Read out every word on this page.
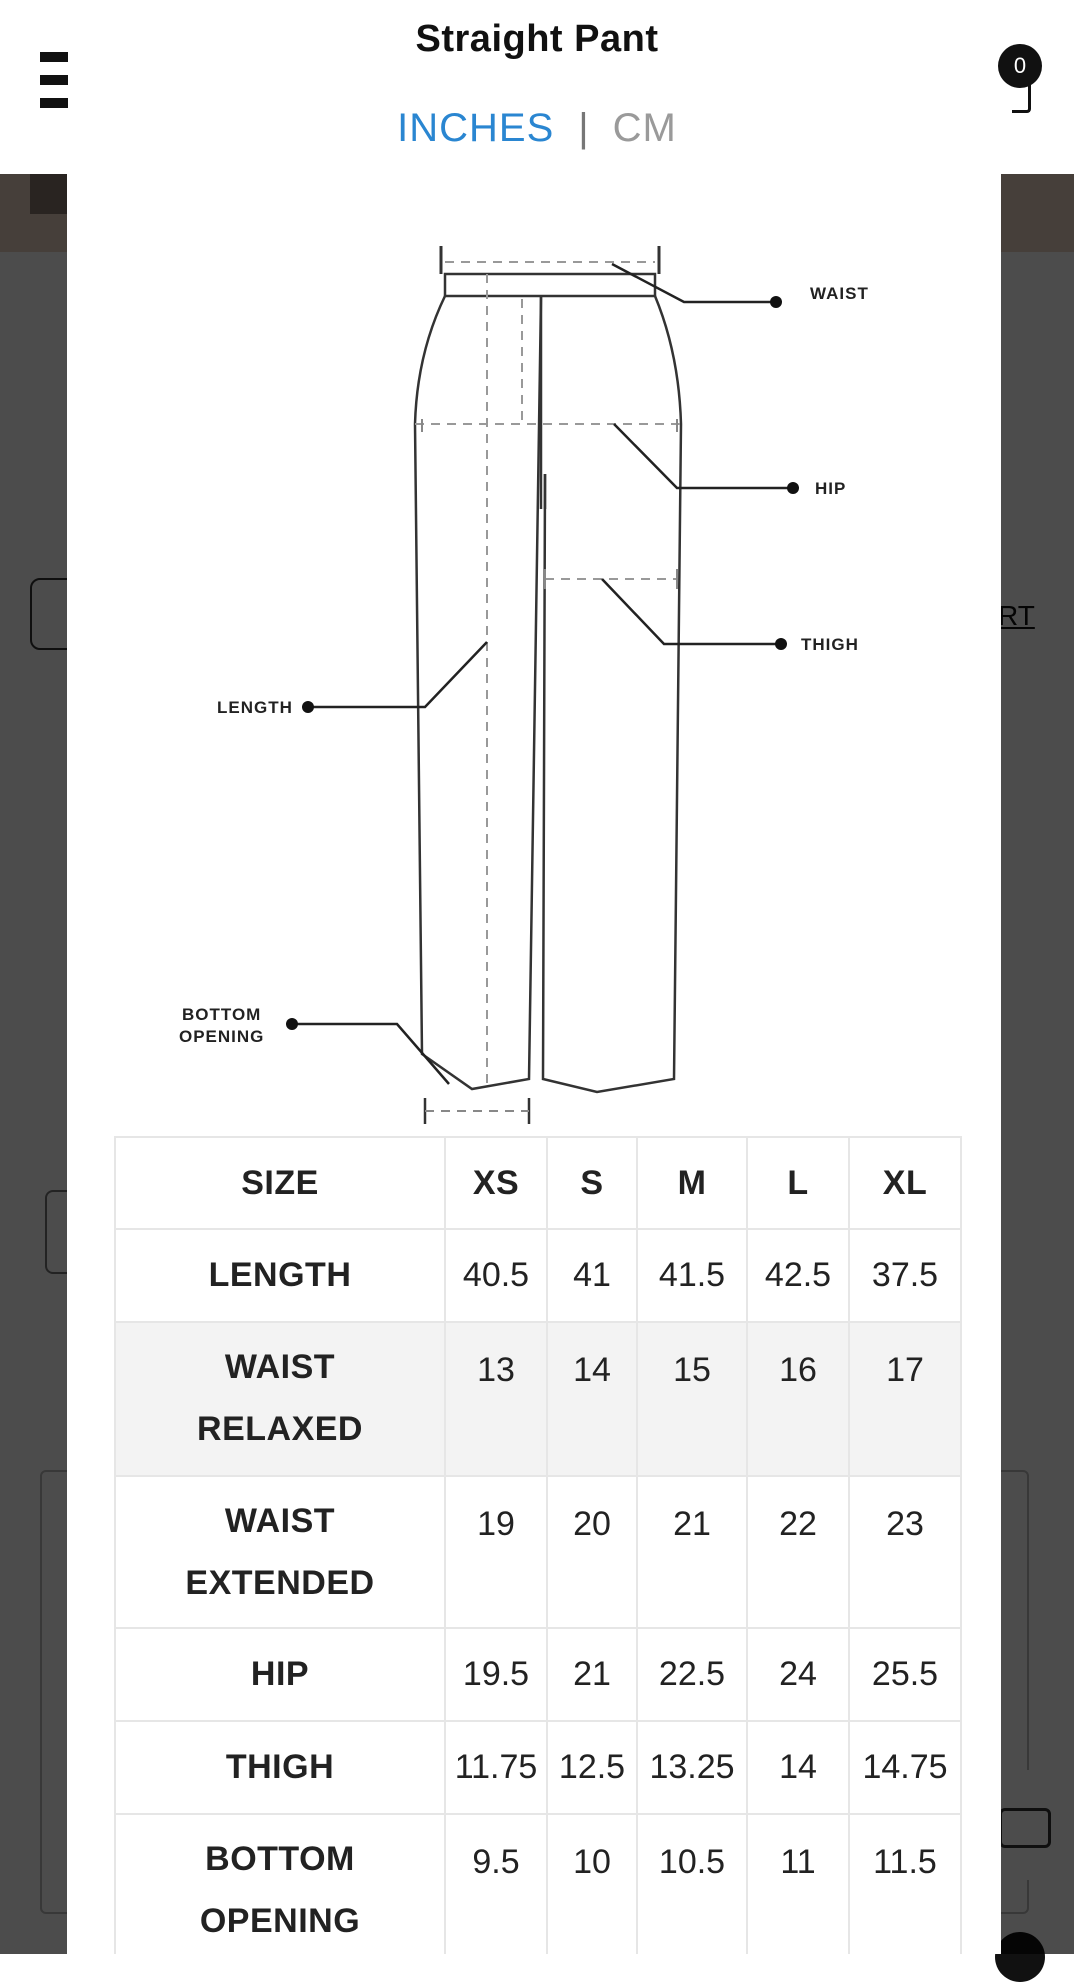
Straight Pant
INCHES | CM
0
WAIST
HIP
THIGH
LENGTH
BOTTOM
OPENING
SIZE	XS	S	M	L	XL
LENGTH	40.5	41	41.5	42.5	37.5

WAIST
RELAXED	13	14	15	16	17

WAIST
EXTENDED	19	20	21	22	23
HIP	19.5	21	22.5	24	25.5
THIGH	11.75	12.5	13.25	14	14.75

BOTTOM
OPENING	9.5	10	10.5	11	11.5
